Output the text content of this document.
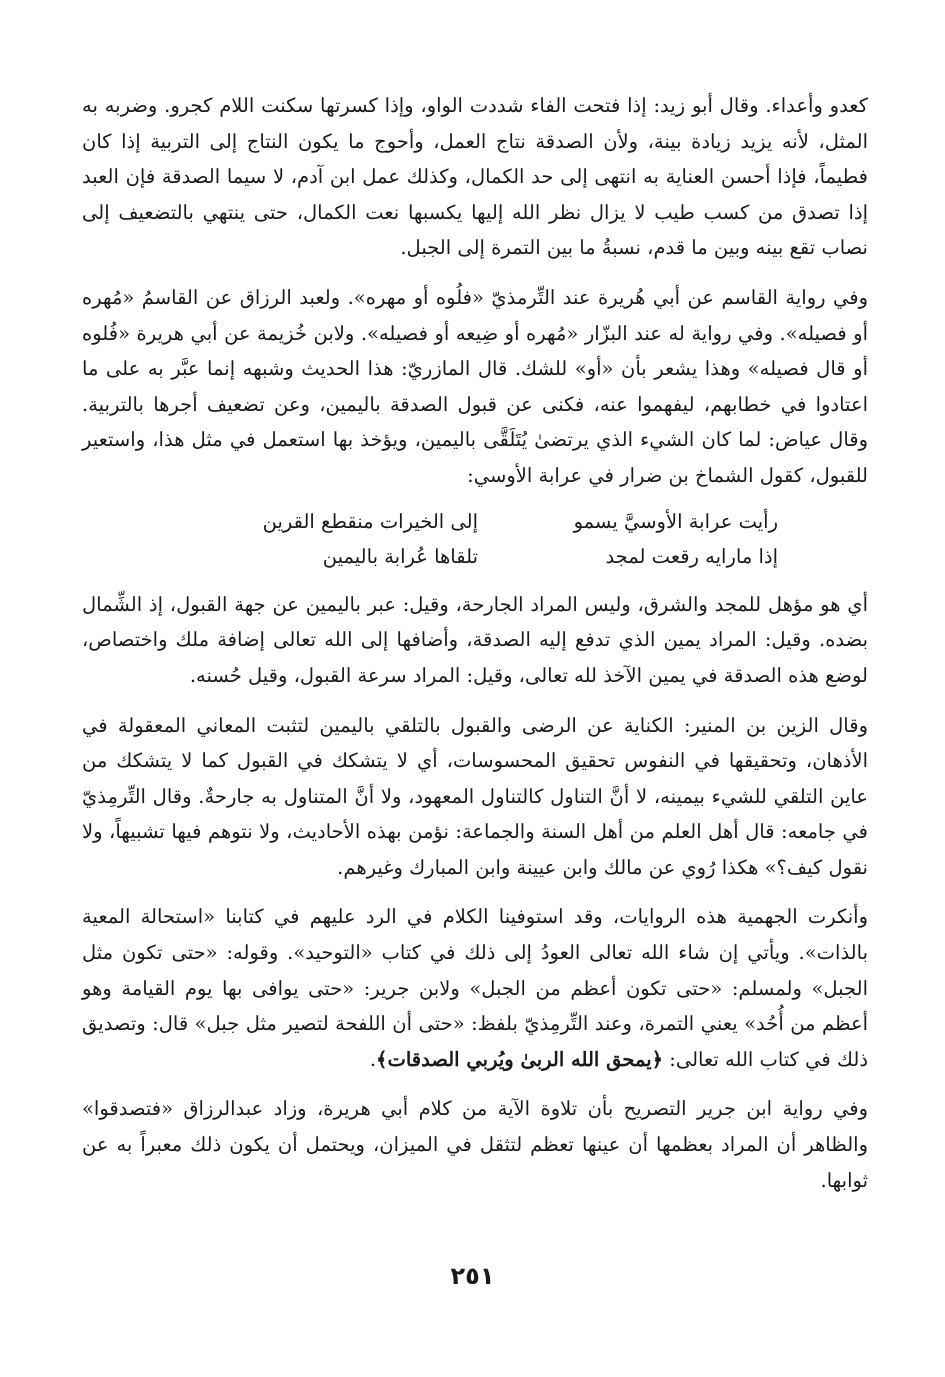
كعدو وأعداء. وقال أبو زيد: إذا فتحت الفاء شددت الواو، وإذا كسرتها سكنت اللام كجرو. وضربه به المثل، لأنه يزيد زيادة بينة، ولأن الصدقة نتاج العمل، وأحوج ما يكون النتاج إلى التربية إذا كان فطيماً، فإذا أحسن العناية به انتهى إلى حد الكمال، وكذلك عمل ابن آدم، لا سيما الصدقة فإن العبد إذا تصدق من كسب طيب لا يزال نظر الله إليها يكسبها نعت الكمال، حتى ينتهي بالتضعيف إلى نصاب تقع بينه وبين ما قدم، نسبةُ ما بين التمرة إلى الجبل.

وفي رواية القاسم عن أبي هُريرة عند التِّرمذيّ «فلُوه أو مهره». ولعبد الرزاق عن القاسمُ «مُهره أو فصيله». وفي رواية له عند البزّار «مُهره أو ضِيعه أو فصيله». ولابن خُزيمة عن أبي هريرة «فُلوه أو قال فصيله» وهذا يشعر بأن «أو» للشك. قال المازريّ: هذا الحديث وشبهه إنما عبَّر به على ما اعتادوا في خطابهم، ليفهموا عنه، فكنى عن قبول الصدقة باليمين، وعن تضعيف أجرها بالتربية. وقال عياض: لما كان الشيء الذي يرتضىٰ يُتَلَقَّى باليمين، ويؤخذ بها استعمل في مثل هذا، واستعير للقبول، كقول الشماخ بن ضرار في عرابة الأوسي:

رأيت عرابة الأوسيَّ يسمو
إلى الخيرات منقطع القرين
إذا مارايه رقعت لمجد
تلقاها عُرابة باليمين

أي هو مؤهل للمجد والشرق، وليس المراد الجارحة، وقيل: عبر باليمين عن جهة القبول، إذ الشِّمال بضده. وقيل: المراد يمين الذي تدفع إليه الصدقة، وأضافها إلى الله تعالى إضافة ملك واختصاص، لوضع هذه الصدقة في يمين الآخذ لله تعالى، وقيل: المراد سرعة القبول، وقيل حُسنه.

وقال الزين بن المنير: الكناية عن الرضى والقبول بالتلقي باليمين لتثبت المعاني المعقولة في الأذهان، وتحقيقها في النفوس تحقيق المحسوسات، أي لا يتشكك في القبول كما لا يتشكك من عاين التلقي للشيء بيمينه، لا أنَّ التناول كالتناول المعهود، ولا أنَّ المتناول به جارحةٌ. وقال التِّرمِذيّ في جامعه: قال أهل العلم من أهل السنة والجماعة: نؤمن بهذه الأحاديث، ولا نتوهم فيها تشبيهاً، ولا نقول كيف؟» هكذا رُوي عن مالك وابن عيينة وابن المبارك وغيرهم.

وأنكرت الجهمية هذه الروايات، وقد استوفينا الكلام في الرد عليهم في كتابنا «استحالة المعية بالذات». ويأتي إن شاء الله تعالى العودُ إلى ذلك في كتاب «التوحيد». وقوله: «حتى تكون مثل الجبل» ولمسلم: «حتى تكون أعظم من الجبل» ولابن جرير: «حتى يوافى بها يوم القيامة وهو أعظم من أُحُد» يعني التمرة، وعند التِّرمِذيّ بلفظ: «حتى أن اللفحة لتصير مثل جبل» قال: وتصديق ذلك في كتاب الله تعالى: ﴿يمحق الله الربىٰ ويُربي الصدقات﴾.

وفي رواية ابن جرير التصريح بأن تلاوة الآية من كلام أبي هريرة، وزاد عبدالرزاق «فتصدقوا» والظاهر أن المراد بعظمها أن عينها تعظم لتثقل في الميزان، ويحتمل أن يكون ذلك معبراً به عن ثوابها.

٢٥١
